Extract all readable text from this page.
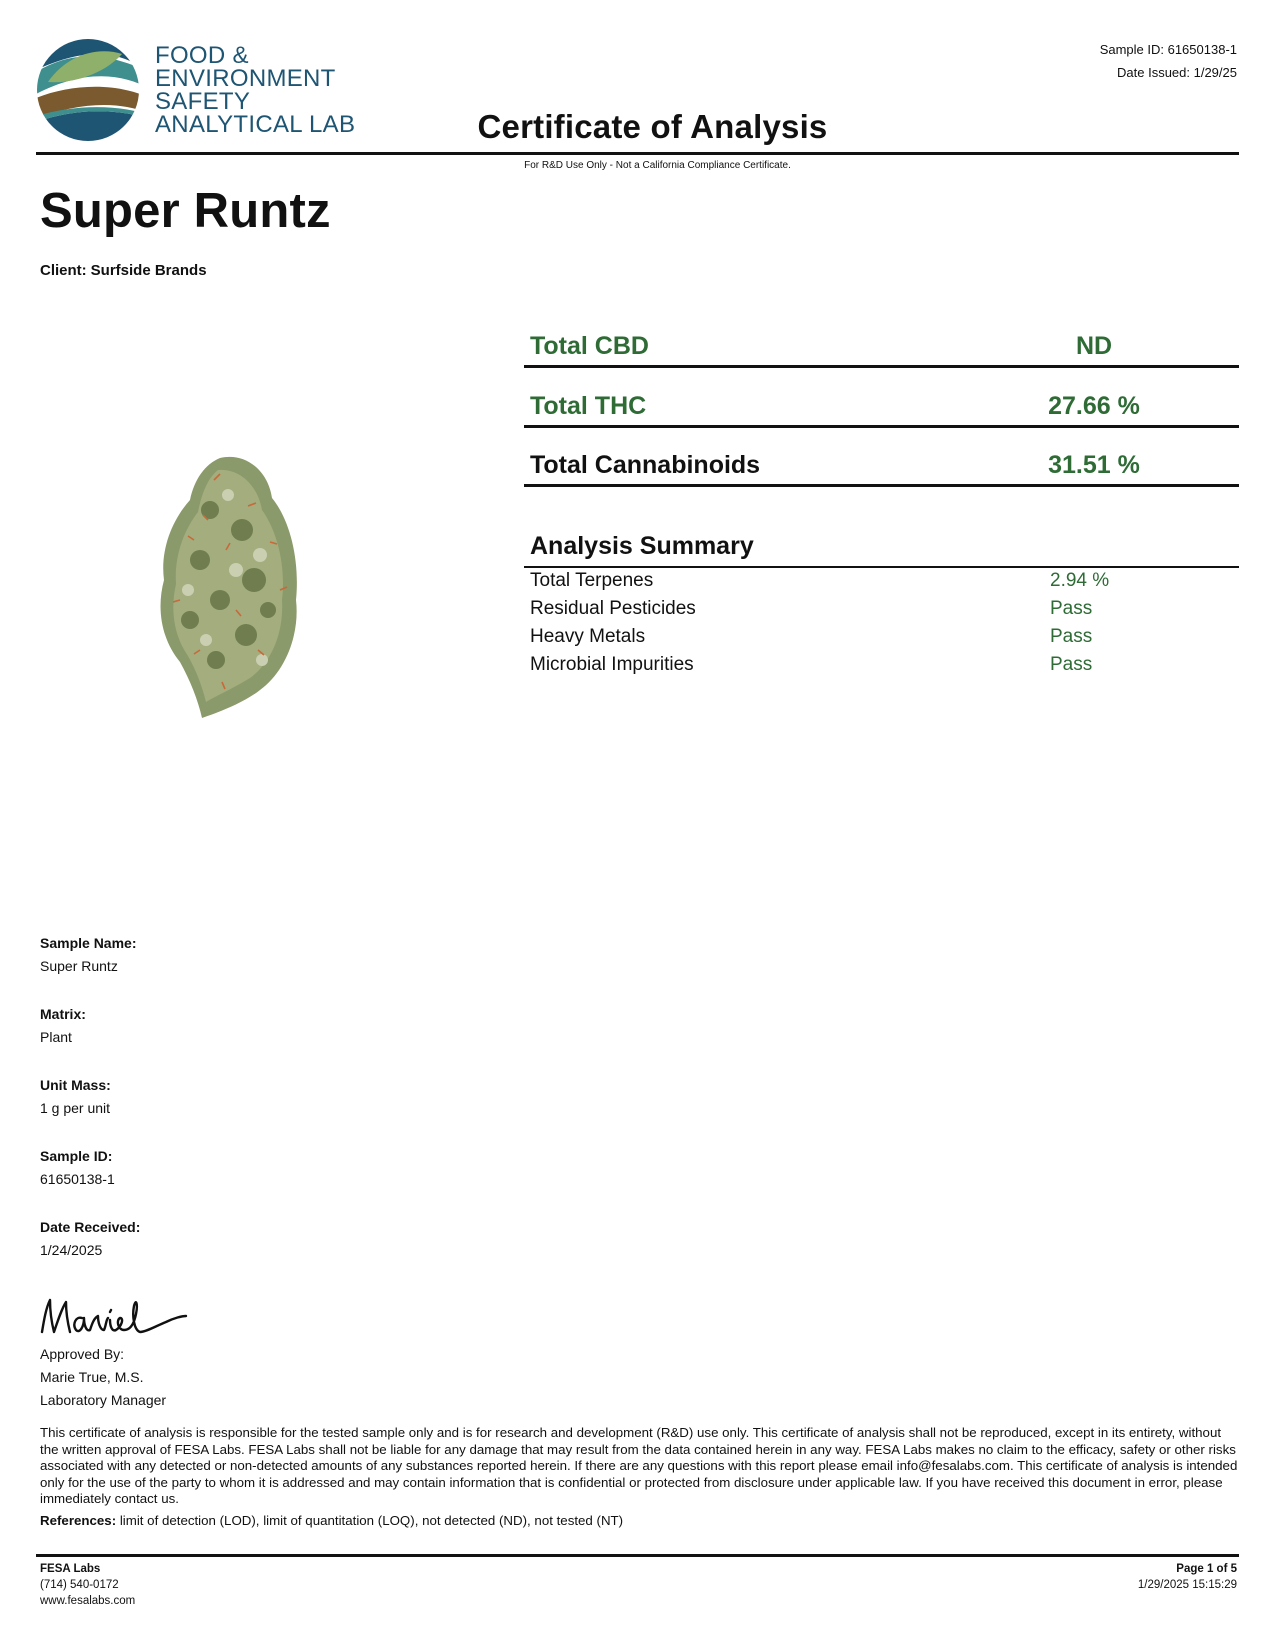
FOOD &
ENVIRONMENT
SAFETY
ANALYTICAL LAB
Sample ID: 61650138-1
Date Issued: 1/29/25
Certificate of Analysis
For R&D Use Only - Not a California Compliance Certificate.
Super Runtz
Client: Surfside Brands
Total CBD	ND
Total THC	27.66 %
Total Cannabinoids	31.51 %
Analysis Summary
Total Terpenes	2.94 %
Residual Pesticides	Pass
Heavy Metals	Pass
Microbial Impurities	Pass
Sample Name:
Super Runtz
Matrix:
Plant
Unit Mass:
1 g per unit
Sample ID:
61650138-1
Date Received:
1/24/2025
Approved By:
Marie True, M.S.
Laboratory Manager
This certificate of analysis is responsible for the tested sample only and is for research and development (R&D) use only. This certificate of analysis shall not be reproduced, except in its entirety, without the written approval of FESA Labs. FESA Labs shall not be liable for any damage that may result from the data contained herein in any way. FESA Labs makes no claim to the efficacy, safety or other risks associated with any detected or non-detected amounts of any substances reported herein. If there are any questions with this report please email info@fesalabs.com. This certificate of analysis is intended only for the use of the party to whom it is addressed and may contain information that is confidential or protected from disclosure under applicable law. If you have received this document in error, please immediately contact us.
References: limit of detection (LOD), limit of quantitation (LOQ), not detected (ND), not tested (NT)
FESA Labs
(714) 540-0172
www.fesalabs.com
Page 1 of 5
1/29/2025 15:15:29
